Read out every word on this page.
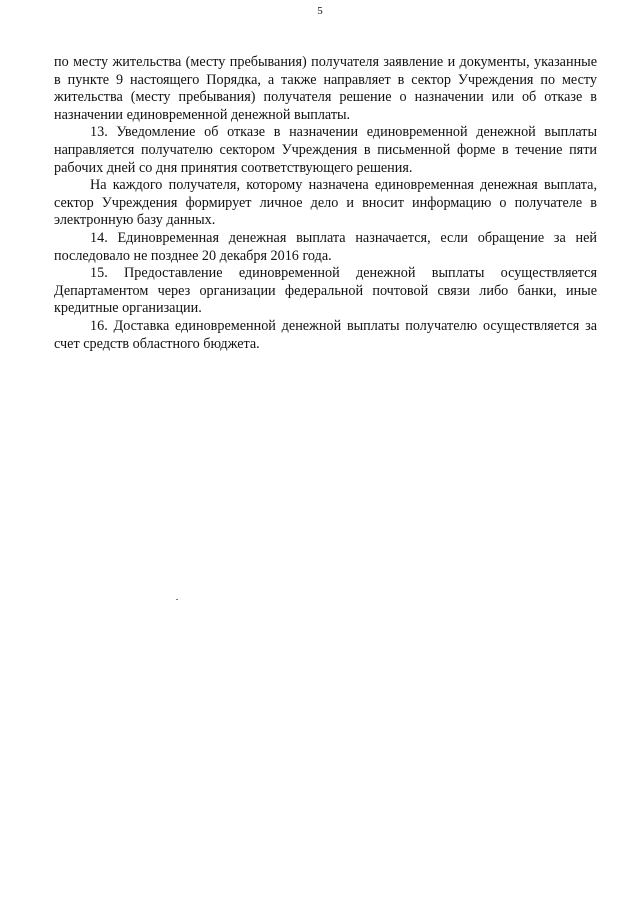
5

по месту жительства (месту пребывания) получателя заявление и документы, указанные в пункте 9 настоящего Порядка, а также направляет в сектор Учреждения по месту жительства (месту пребывания) получателя решение о назначении или об отказе в назначении единовременной денежной выплаты.

13. Уведомление об отказе в назначении единовременной денежной выплаты направляется получателю сектором Учреждения в письменной форме в течение пяти рабочих дней со дня принятия соответствующего решения.

На каждого получателя, которому назначена единовременная денежная выплата, сектор Учреждения формирует личное дело и вносит информацию о получателе в электронную базу данных.

14. Единовременная денежная выплата назначается, если обращение за ней последовало не позднее 20 декабря 2016 года.

15. Предоставление единовременной денежной выплаты осуществляется Департаментом через организации федеральной почтовой связи либо банки, иные кредитные организации.

16. Доставка единовременной денежной выплаты получателю осуществляется за счет средств областного бюджета.
